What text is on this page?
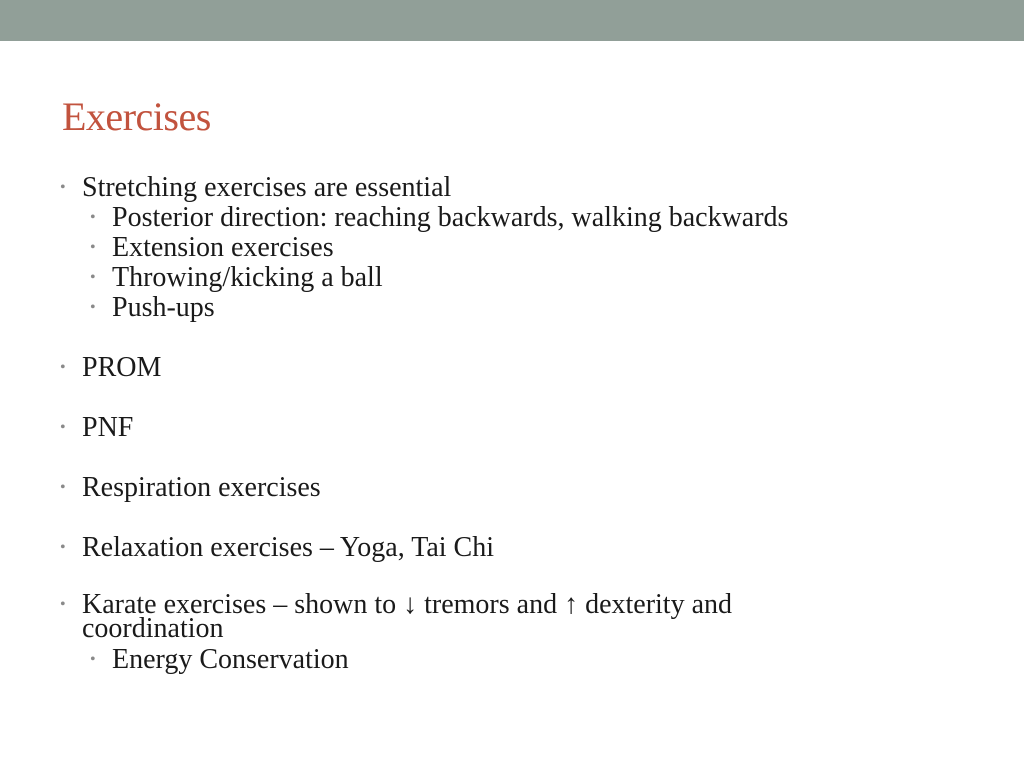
Exercises
• Stretching exercises are essential
• Posterior direction: reaching backwards, walking backwards
• Extension exercises
• Throwing/kicking a ball
• Push-ups
• PROM
• PNF
• Respiration exercises
• Relaxation exercises – Yoga, Tai Chi
• Karate exercises – shown to ↓ tremors and ↑ dexterity and coordination
• Energy Conservation
